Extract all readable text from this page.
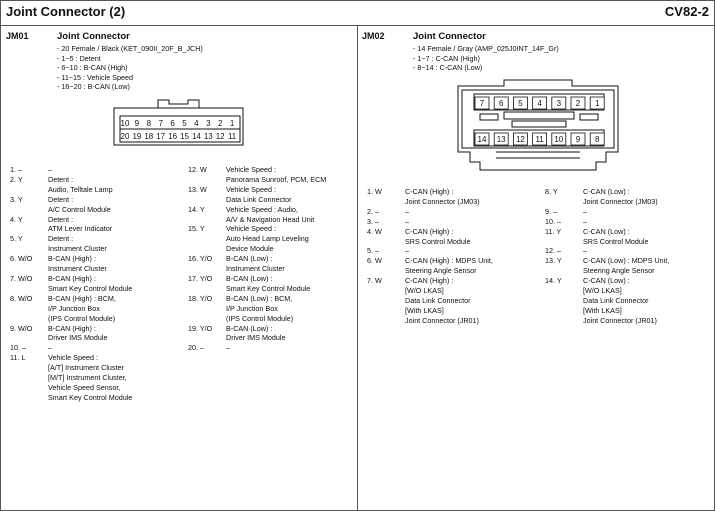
Joint Connector (2)	CV82-2
JM01	Joint Connector
- 20 Female / Black (KET_090II_20F_B_JCH)
- 1~5 : Detent
- 6~10 : B-CAN (High)
- 11~15 : Vehicle Speed
- 16~20 : B-CAN (Low)
10 9 8 7 6 5 4 3 2 1
20 19 18 17 16 15 14 13 12 11
1. –	–
2. Y	Detent :
Audio, Telltale Lamp
3. Y	Detent :
A/C Control Module
4. Y	Detent :
ATM Lever Indicator
5. Y	Detent :
Instrument Cluster
6. W/O	B-CAN (High) :
Instrument Cluster
7. W/O	B-CAN (High) :
Smart Key Control Module
8. W/O	B-CAN (High) : BCM,
I/P Junction Box
(IPS Control Module)
9. W/O	B-CAN (High) :
Driver IMS Module
10. –	–
11. L	Vehicle Speed :
[A/T] Instrument Cluster
[M/T] Instrument Cluster,
Vehicle Speed Sensor,
Smart Key Control Module
12. W	Vehicle Speed :
Panorama Sunroof, PCM, ECM
13. W	Vehicle Speed :
Data Link Connector
14. Y	Vehicle Speed : Audio,
A/V & Navigation Head Unit
15. Y	Vehicle Speed :
Auto Head Lamp Leveling
Device Module
16. Y/O	B-CAN (Low) :
Instrument Cluster
17. Y/O	B-CAN (Low) :
Smart Key Control Module
18. Y/O	B-CAN (Low) : BCM,
I/P Junction Box
(IPS Control Module)
19. Y/O	B-CAN (Low) :
Driver IMS Module
20. –	–
JM02	Joint Connector
- 14 Female / Gray (AMP_025J0INT_14F_Gr)
- 1~7 : C-CAN (High)
- 8~14 : C-CAN (Low)
7 6 5 4 3 2 1
14 13 12 11 10 9 8
1. W	C-CAN (High) :
Joint Connector (JM03)
2. –	–
3. –	–
4. W	C-CAN (High) :
SRS Control Module
5. –	–
6. W	C-CAN (High) : MDPS Unit,
Steering Angle Sensor
7. W	C-CAN (High) :
[W/O LKAS]
Data Link Connector
[With LKAS]
Joint Connector (JR01)
8. Y	C-CAN (Low) :
Joint Connector (JM03)
9. –	–
10. –	–
11. Y	C-CAN (Low) :
SRS Control Module
12. –	–
13. Y	C-CAN (Low) : MDPS Unit,
Steering Angle Sensor
14. Y	C-CAN (Low) :
[W/O LKAS]
Data Link Connector
[With LKAS]
Joint Connector (JR01)
